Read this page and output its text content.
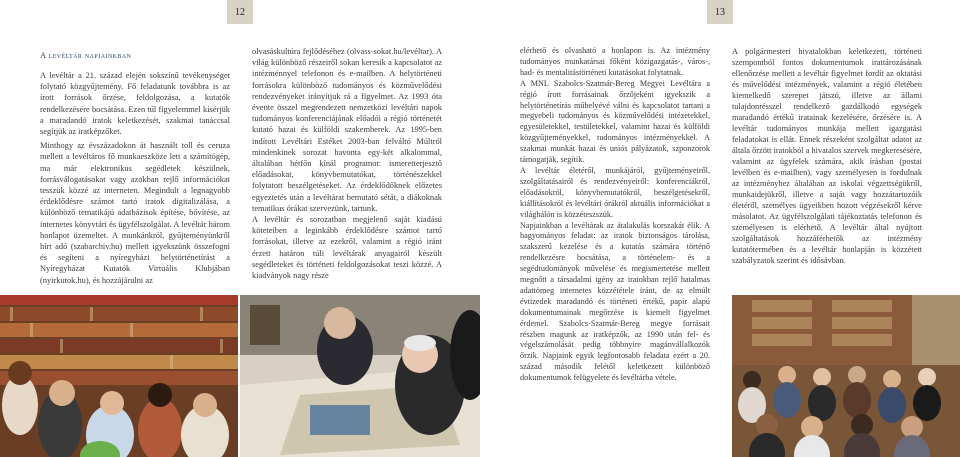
12	13
A levéltár napjainkban

A levéltár a 21. század elején sokszínű tevékenységet folytató közgyűjtemény. Fő feladatunk továbbra is az írott források őrzése, feldolgozása, a kutatók rendelkezésére bocsátása. Ezen túl figyelemmel kísérjük a maradandó iratok keletkezését, szakmai tanáccsal segítjük az iratképzőket.

Minthogy az évszázadokon át használt toll és ceruza mellett a levéltáros fő munkaeszköze lett a számítógép, ma már elektronikus segédletek készülnek, forrásválogatásokat vagy azokban rejlő információkat tesszük közzé az interneten. Megindult a legnagyobb érdeklődésre számot tartó iratok digitalizálása, a különböző tematikájú adatbázisok építése, bővítése, az internetes könyvtári és ügyfélszolgálat. A levéltár három honlapot üzemeltet. A munkánkról, gyűjteményünkről hírt adó (szabarchiv.hu) mellett igyekszünk összefogni és segíteni a nyíregyházi helytörténetírást a Nyíregyházat Kutatók Virtuális Klubjában (nyirkutok.hu), és hozzájárulni az

olvasáskultúra fejlődéséhez (olvass-sokat.hu/levéltar). A világ különböző részeiről sokan keresik a kapcsolatot az intézménnyel telefonon és e-mailben. A helytörténeti forrásokra különböző tudományos és közművelődési rendezvényeket irányítjuk rá a figyelmet. Az 1993 óta évente összel megrendezett nemzetközi levéltári napok tudományos konferenciájának előadói a régió történetét kutató hazai és külföldi szakemberek. Az 1995-ben indított Levéltári Estéket 2003-ban felváltó Múltról mindenkinek sorozat havonta egy-két alkalommal, általában hétfőn kínál programot: ismeretterjesztő előadásokat, könyvbemutatókat, történészekkel folytatott beszélgetéseket. Az érdeklődőknek előzetes egyeztetés után a levéltárat bemutató sétát, a diákoknak tematikus órákat szervezünk, tartunk.

A levéltár és sorozatban megjelenő saját kiadású köteteiben a leginkább érdeklődésre számot tartó forrásokat, illetve az ezekről, valamint a régió iránt érzett határon túli levéltárak anyagairól készült segédleteket és történeti feldolgozásokat teszi közzé. A kiadványok nagy része

elérhető és olvasható a honlapon is. Az intézmény tudományos munkatársai főként közigazgatás-, város-, had- és mentalitástörténeti kutatásokat folytatnak.

A MNL Szabolcs-Szatmár-Bereg Megyei Levéltára a régió írott forrásainak őrzőjeként igyekszik a helytörténetírás műhelyévé válni és kapcsolatot tartani a megyebeli tudományos és közművelődési intézetekkel, egyesületekkel, testületekkel, valamint hazai és külföldi közgyűjteményekkel, tudományos intézményekkel. A szakmai munkát hazai és uniós pályázatok, szponzorok támogatják, segítik.

A levéltár életéről, munkájáról, gyűjteményeiről, szolgáltatásairól és rendezvényeiről: konferenciákról, előadásokról, könyvbemutatókról, beszélgetésekről, kiállításokról és levéltári órákról aktuális információkat a világhálón is közzéteszszük.

Napjainkban a levéltárak az átalakulás korszakát élik. A hagyományos feladat: az iratok biztonságos tárolása, szakszerű kezelése és a kutatás számára történő rendelkezésre bocsátása, a történelem- és a segédtudományok művelése és megismertetése mellett megnőtt a társadalmi igény az iratokban rejlő hatalmas adattömeg internetes közzététele iránt, de az elmúlt évtizedek maradandó és történeti értékű, papír alapú dokumentumainak megőrzése is kiemelt figyelmet érdemel. Szabolcs-Szatmár-Bereg megye forrásait részben magunk az iratképzők, az 1990 után fel- és végelszámolását pedig többnyire magánvállalkozók őrzik. Napjaink egyik legfontosabb feladata ezért a 20. század második felétől keletkezett különböző dokumentumok felügyelete és levéltárba vétele.

A polgármesteri hivatalokban keletkezett, történeti szempontból fontos dokumentumok irattározásának ellenőrzése mellett a levéltár figyelmet fordít az oktatási és művelődési intézmények, valamint a régió életében kiemelkedő szerepet játszó, illetve az állami tulajdonrésszel rendelkező gazdálkodó egységek maradandó értékű iratainak kezelésére, őrzésére is. A levéltár tudományos munkája mellett igazgatási feladatokat is ellát. Ennek részeként szolgáltat adatot az általa őrzött iratokból a hivatalos szervek megkeresésére, valamint az ügyfelek számára, akik írásban (postai levélben és e-mailben), vagy személyesen is fordulnak az intézményhez általában az iskolai végzettségükről, munkaidejükről, illetve a saját vagy hozzátartozóik életéről, személyes ügyeikben hozott végzésekről kérve másolatot. Az ügyfélszolgálati tájékoztatás telefonon és személyesen is elérhető. A levéltár által nyújtott szolgáltatások hozzáférhetők az intézmény kutatótermében és a levéltár honlapján is közzétett szabályzatok szerint és idősávban.
